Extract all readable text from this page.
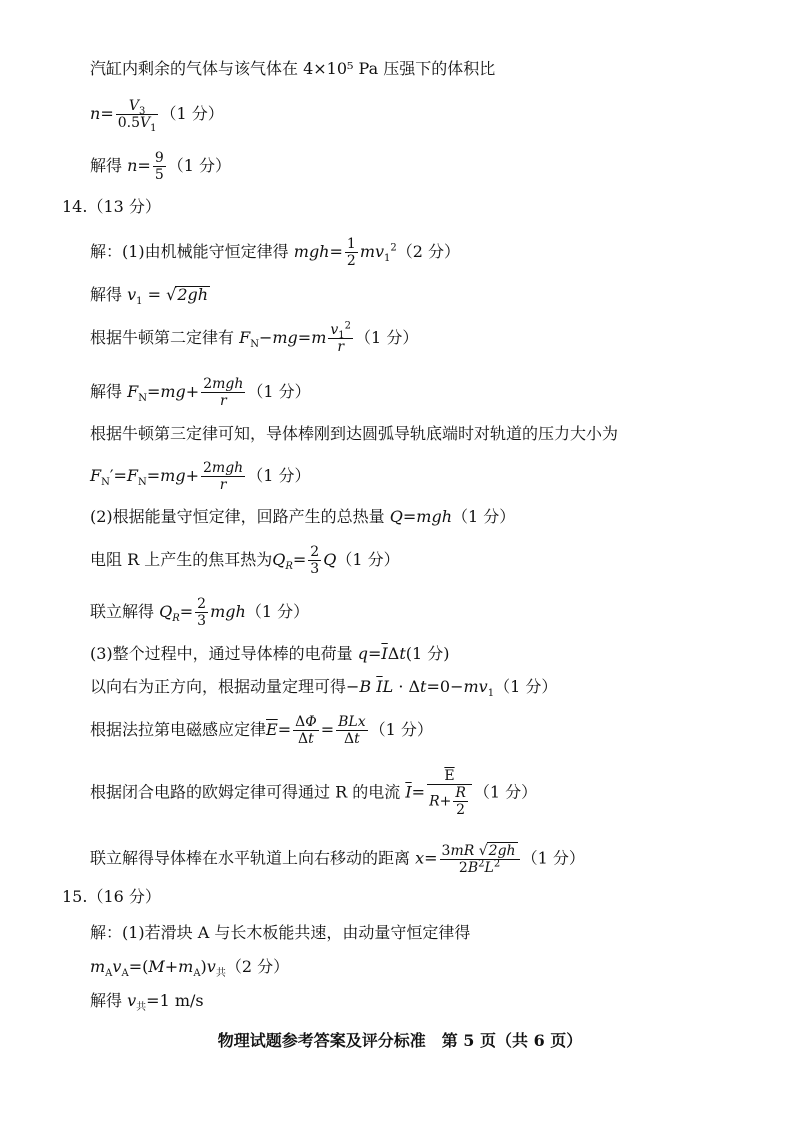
汽缸内剩余的气体与该气体在 4×10⁵ Pa 压强下的体积比
$n= \frac{V_3}{0.5V_1} (1$ 分）
解得 $n= \frac{9}{5} (1$ 分）
14.（13 分）
解：(1)由机械能守恒定律得 $mgh= \frac{1}{2} mv_1^2(2$ 分）
解得 $v_1 = √2gh$
根据牛顿第二定律有 $F_N-mg=m \frac{v_1^2}{r} (1$ 分）
解得 $F_N=mg+ \frac{\text{2mgh}}{r} (1$ 分）
根据牛顿第三定律可知，导体棒刚到达圆弧导轨底端时对轨道的压力大小为
$F_N'=F_N=mg+ \frac{\text{2mgh}}{r} (1$ 分）
(2)根据能量守恒定律，回路产生的总热量 Q=mgh（1 分）
电阻 R 上产生的焦耳热为$Q_R= \frac{2}{3} Q(1$ 分）
联立解得 $Q_R= \frac{2}{3} mgh(1$ 分）
(3)整个过程中，通过导体棒的电荷量 $q=\overline{I}\Delta t(1$ 分)
以向右为正方向，根据动量定理可得−B $\overline{I}L \cdot \Delta t=0-mv_1(1$ 分）
根据法拉第电磁感应定律$\overline{E}= \frac{\Delta\Phi}{\Delta t} = \frac{\text{BLx}}{\Delta t} (1$ 分）
根据闭合电路的欧姆定律可得通过 R 的电流 $\overline{I}= \frac{\overline{E}}{R+ \frac{R}{2}} (1$ 分）
联立解得导体棒在水平轨道上向右移动的距离 $x= \frac{3mR √2gh}{2B^2L^2} (1$ 分）
15.（16 分）
解：(1)若滑块 A 与长木板能共速，由动量守恒定律得
$m_Av_A=(M+m_A)v_共(2$ 分）
解得 $v_共=1$ m/s
物理试题参考答案及评分标准　第 5 页（共 6 页）
